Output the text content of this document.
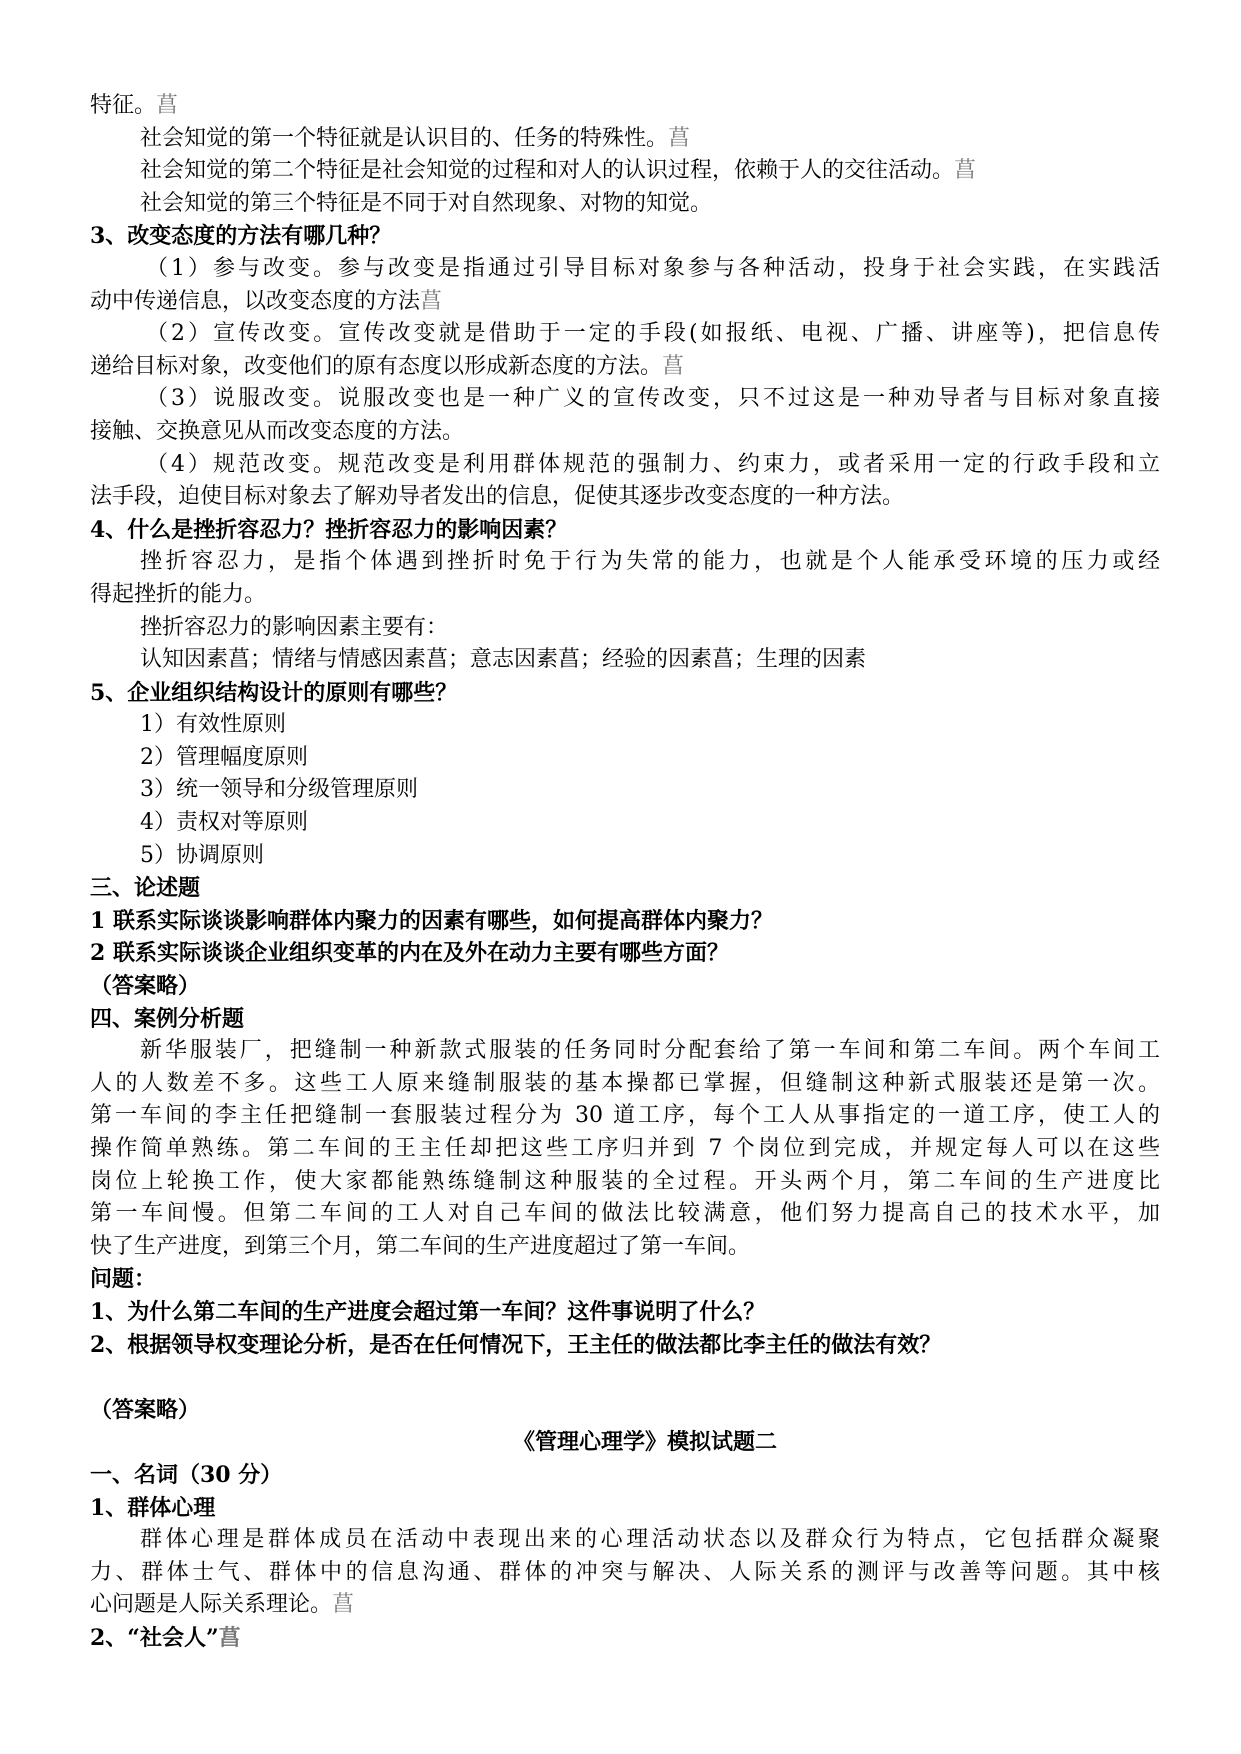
特征。菖
社会知觉的第一个特征就是认识目的、任务的特殊性。菖
社会知觉的第二个特征是社会知觉的过程和对人的认识过程，依赖于人的交往活动。菖
社会知觉的第三个特征是不同于对自然现象、对物的知觉。
3、改变态度的方法有哪几种？
（1）参与改变。参与改变是指通过引导目标对象参与各种活动，投身于社会实践，在实践活
动中传递信息，以改变态度的方法菖
（2）宣传改变。宣传改变就是借助于一定的手段(如报纸、电视、广播、讲座等)，把信息传
递给目标对象，改变他们的原有态度以形成新态度的方法。菖
（3）说服改变。说服改变也是一种广义的宣传改变，只不过这是一种劝导者与目标对象直接
接触、交换意见从而改变态度的方法。
（4）规范改变。规范改变是利用群体规范的强制力、约束力，或者采用一定的行政手段和立
法手段，迫使目标对象去了解劝导者发出的信息，促使其逐步改变态度的一种方法。
4、什么是挫折容忍力？挫折容忍力的影响因素？
挫折容忍力，是指个体遇到挫折时免于行为失常的能力，也就是个人能承受环境的压力或经
得起挫折的能力。
挫折容忍力的影响因素主要有：
认知因素菖；情绪与情感因素菖；意志因素菖；经验的因素菖；生理的因素
5、企业组织结构设计的原则有哪些？
1）有效性原则
2）管理幅度原则
3）统一领导和分级管理原则
4）责权对等原则
5）协调原则
三、论述题
1 联系实际谈谈影响群体内聚力的因素有哪些，如何提高群体内聚力？
2 联系实际谈谈企业组织变革的内在及外在动力主要有哪些方面？
（答案略）
四、案例分析题
新华服装厂，把缝制一种新款式服装的任务同时分配套给了第一车间和第二车间。两个车间工
人的人数差不多。这些工人原来缝制服装的基本操都已掌握，但缝制这种新式服装还是第一次。
第一车间的李主任把缝制一套服装过程分为 30 道工序，每个工人从事指定的一道工序，使工人的
操作简单熟练。第二车间的王主任却把这些工序归并到 7 个岗位到完成，并规定每人可以在这些
岗位上轮换工作，使大家都能熟练缝制这种服装的全过程。开头两个月，第二车间的生产进度比
第一车间慢。但第二车间的工人对自己车间的做法比较满意，他们努力提高自己的技术水平，加
快了生产进度，到第三个月，第二车间的生产进度超过了第一车间。
问题：
1、为什么第二车间的生产进度会超过第一车间？这件事说明了什么？
2、根据领导权变理论分析，是否在任何情况下，王主任的做法都比李主任的做法有效？
（答案略）
《管理心理学》模拟试题二
一、名词（30 分）
1、群体心理
群体心理是群体成员在活动中表现出来的心理活动状态以及群众行为特点，它包括群众凝聚
力、群体士气、群体中的信息沟通、群体的冲突与解决、人际关系的测评与改善等问题。其中核
心问题是人际关系理论。菖
2、“社会人”菖
